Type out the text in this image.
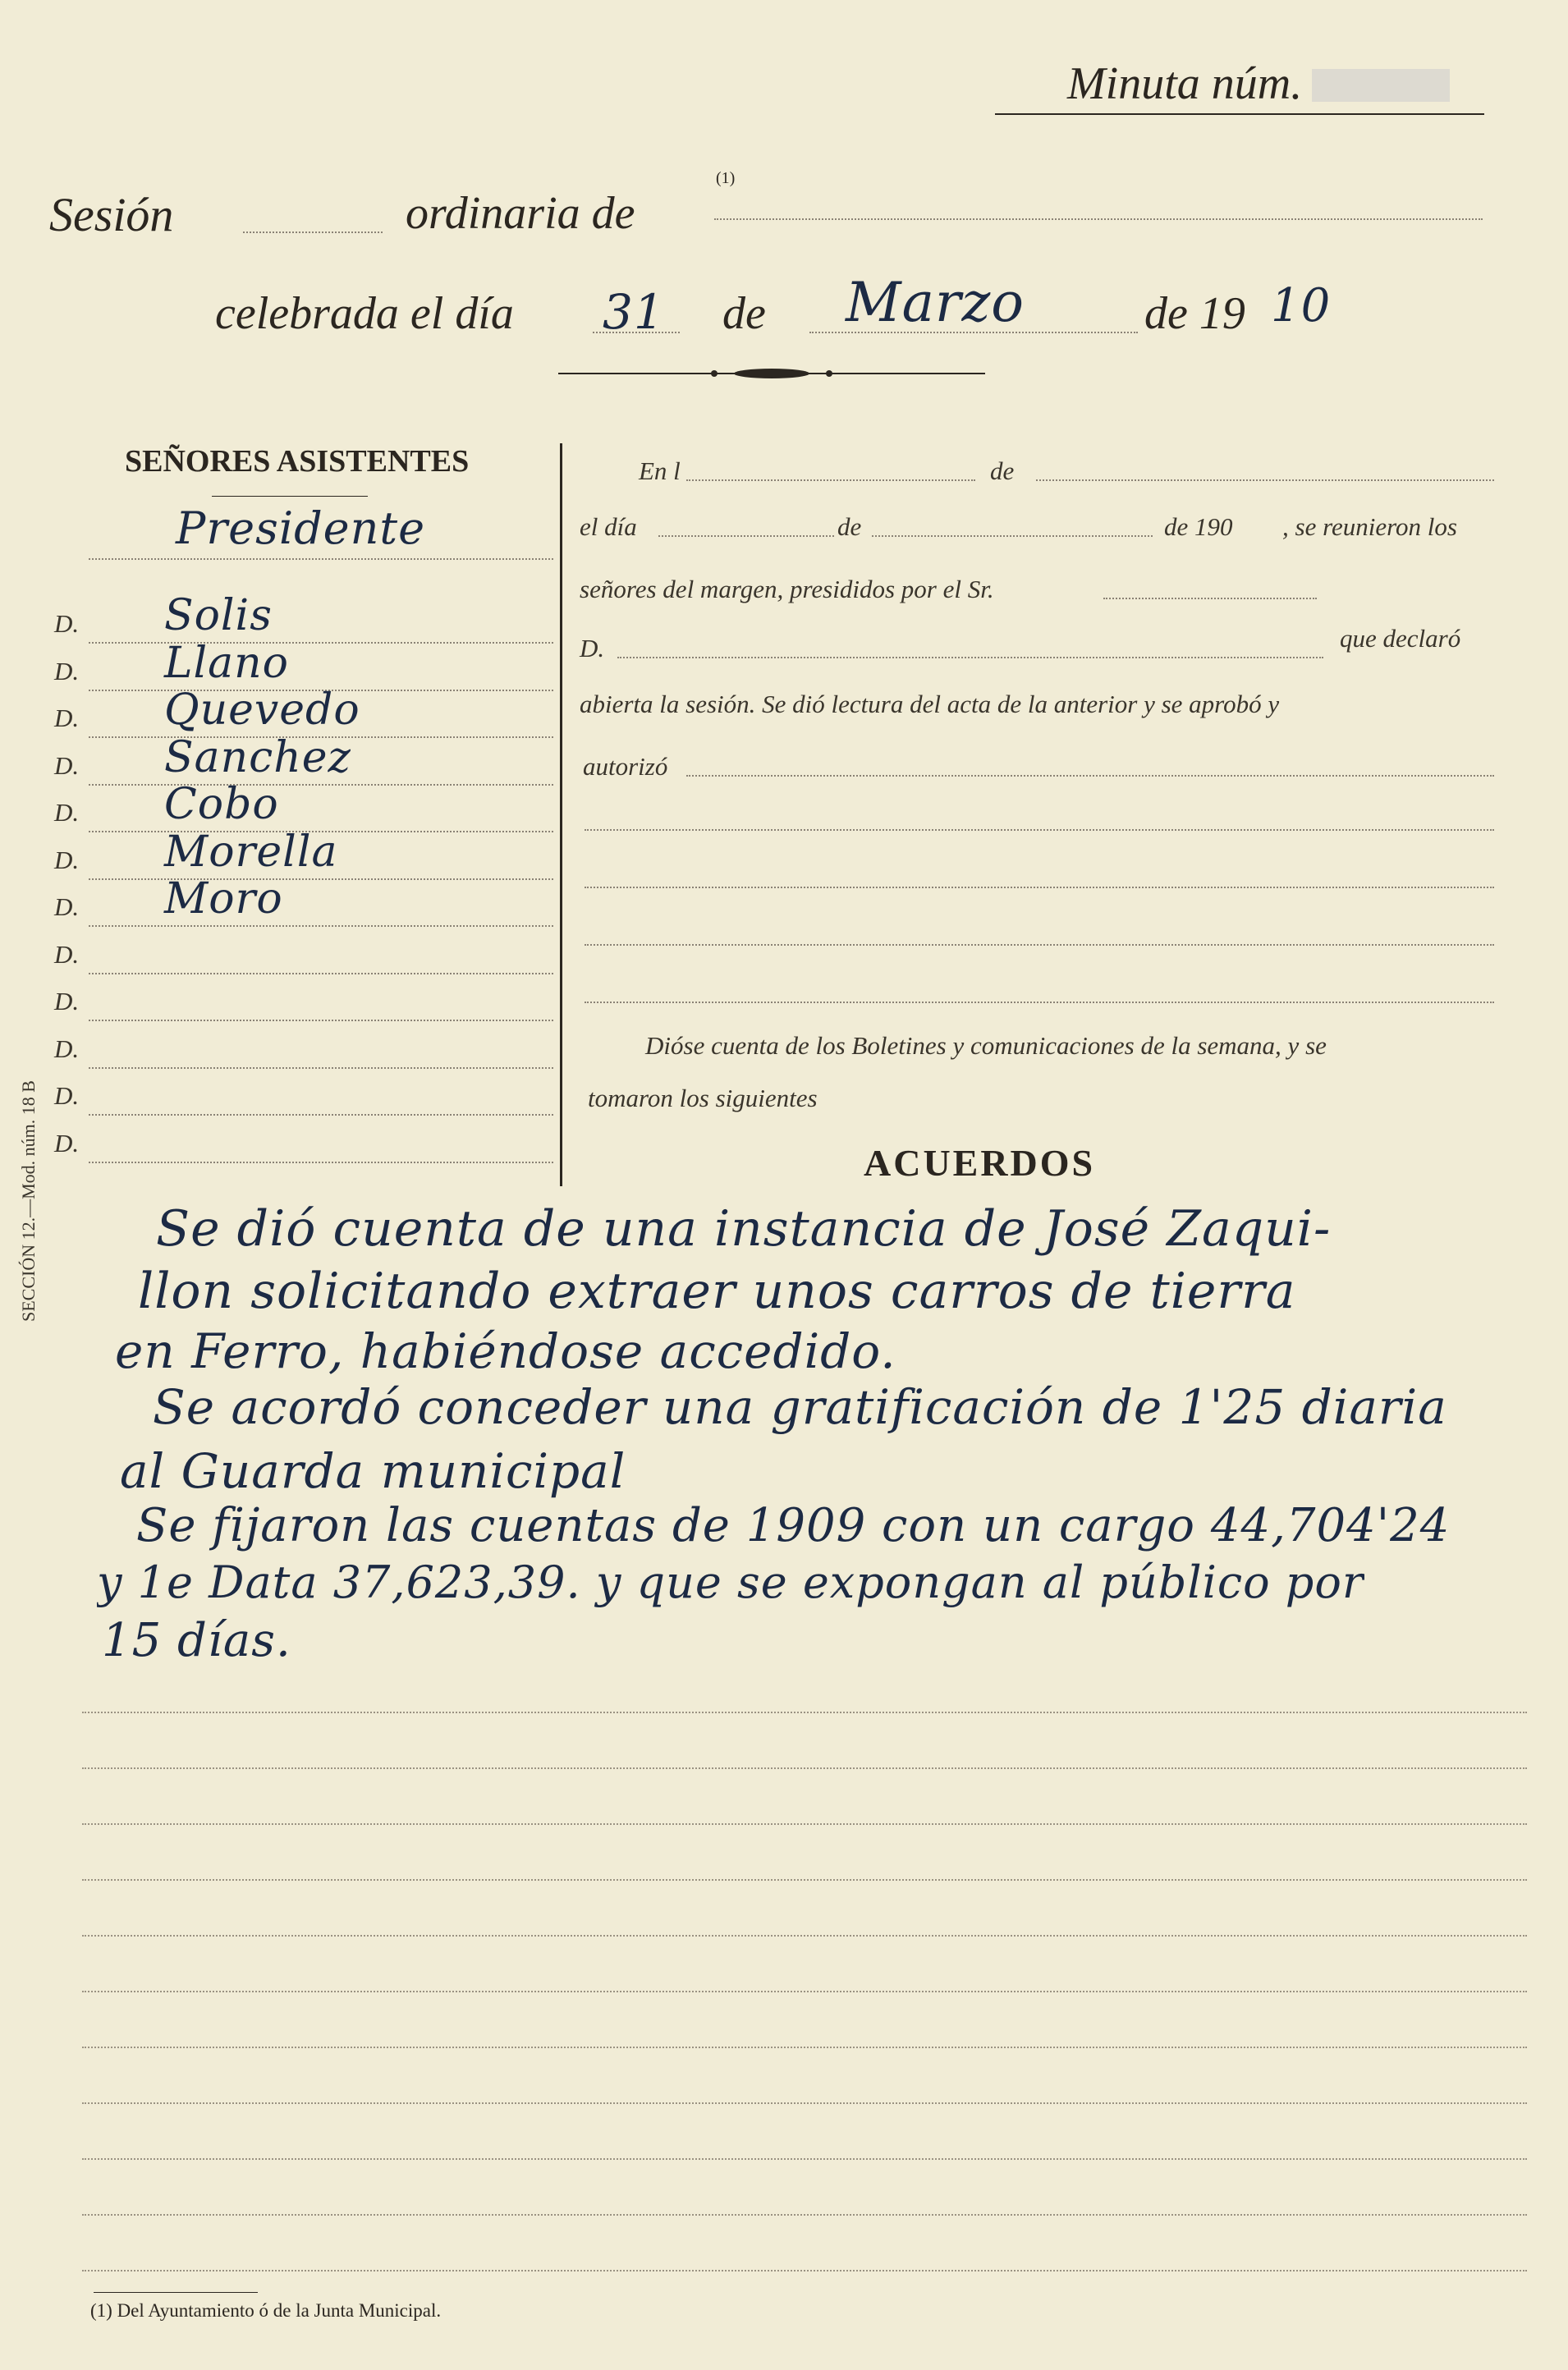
Minuta núm.
Sesión	ordinaria de
(1)
celebrada el día 31 de Marzo	de 19 10
SEÑORES ASISTENTES
Presidente
D. Solis
D. Llano
D. Quevedo
D. Sanchez
D. Cobo
D. Morella
D. Moro
D.
D.
D.
D.
D.
En l	de
el día	de	de 190 , se reunieron los
señores del margen, presididos por el Sr.
D.	que declaró
abierta la sesión. Se dió lectura del acta de la anterior y se aprobó y
autorizó
Dióse cuenta de los Boletines y comunicaciones de la semana, y se
tomaron los siguientes
ACUERDOS
Se dió cuenta de una instancia de José Zaqui-
llon solicitando extraer unos carros de tierra
en Ferro, habiéndose accedido.
Se acordó conceder una gratificación de 1'25 diaria
al Guarda municipal
Se fijaron las cuentas de 1909 con un cargo 44,704'24
y 1e Data 37,623,39. y que se expongan al público por
15 días.
(1) Del Ayuntamiento ó de la Junta Municipal.
SECCIÓN 12.—Mod. núm. 18 B
